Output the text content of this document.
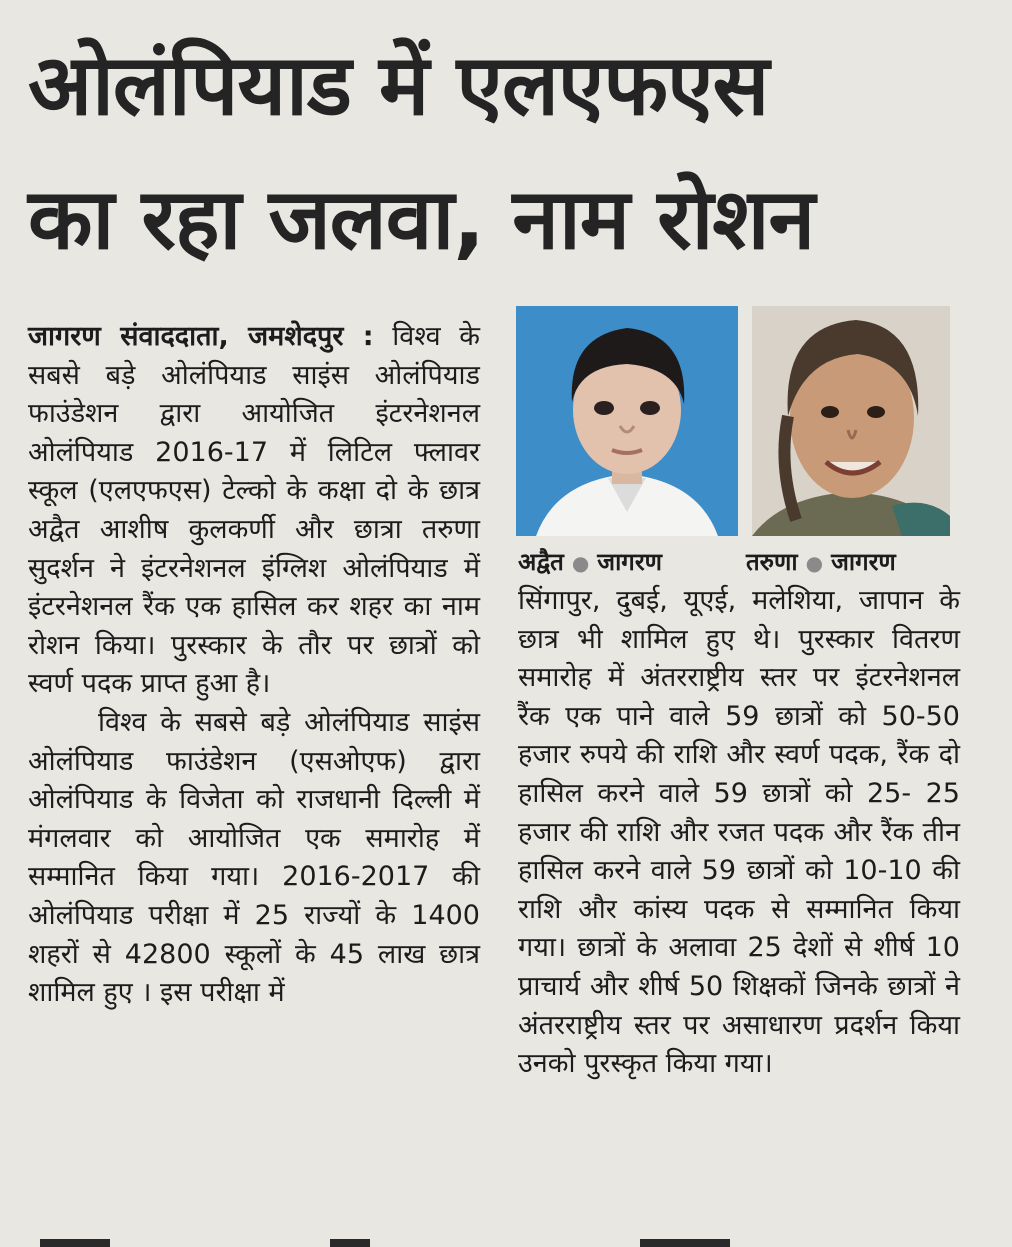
ओलंपियाड में एलएफएस
का रहा जलवा, नाम रोशन

जागरण संवाददाता, जमशेदपुर : विश्व के सबसे बड़े ओलंपियाड साइंस ओलंपियाड फाउंडेशन द्वारा आयोजित इंटरनेशनल ओलंपियाड 2016-17 में लिटिल फ्लावर स्कूल (एलएफएस) टेल्को के कक्षा दो के छात्र अद्वैत आशीष कुलकर्णी और छात्रा तरुणा सुदर्शन ने इंटरनेशनल इंग्लिश ओलंपियाड में इंटरनेशनल रैंक एक हासिल कर शहर का नाम रोशन किया। पुरस्कार के तौर पर छात्रों को स्वर्ण पदक प्राप्त हुआ है।

विश्व के सबसे बड़े ओलंपियाड साइंस ओलंपियाड फाउंडेशन (एसओएफ) द्वारा ओलंपियाड के विजेता को राजधानी दिल्ली में मंगलवार को आयोजित एक समारोह में सम्मानित किया गया। 2016-2017 की ओलंपियाड परीक्षा में 25 राज्यों के 1400 शहरों से 42800 स्कूलों के 45 लाख छात्र शामिल हुए । इस परीक्षा में

अद्वैत ● जागरण	तरुणा ● जागरण

सिंगापुर, दुबई, यूएई, मलेशिया, जापान के छात्र भी शामिल हुए थे। पुरस्कार वितरण समारोह में अंतरराष्ट्रीय स्तर पर इंटरनेशनल रैंक एक पाने वाले 59 छात्रों को 50-50 हजार रुपये की राशि और स्वर्ण पदक, रैंक दो हासिल करने वाले 59 छात्रों को 25- 25 हजार की राशि और रजत पदक और रैंक तीन हासिल करने वाले 59 छात्रों को 10-10 की राशि और कांस्य पदक से सम्मानित किया गया। छात्रों के अलावा 25 देशों से शीर्ष 10 प्राचार्य और शीर्ष 50 शिक्षकों जिनके छात्रों ने अंतरराष्ट्रीय स्तर पर असाधारण प्रदर्शन किया उनको पुरस्कृत किया गया।
